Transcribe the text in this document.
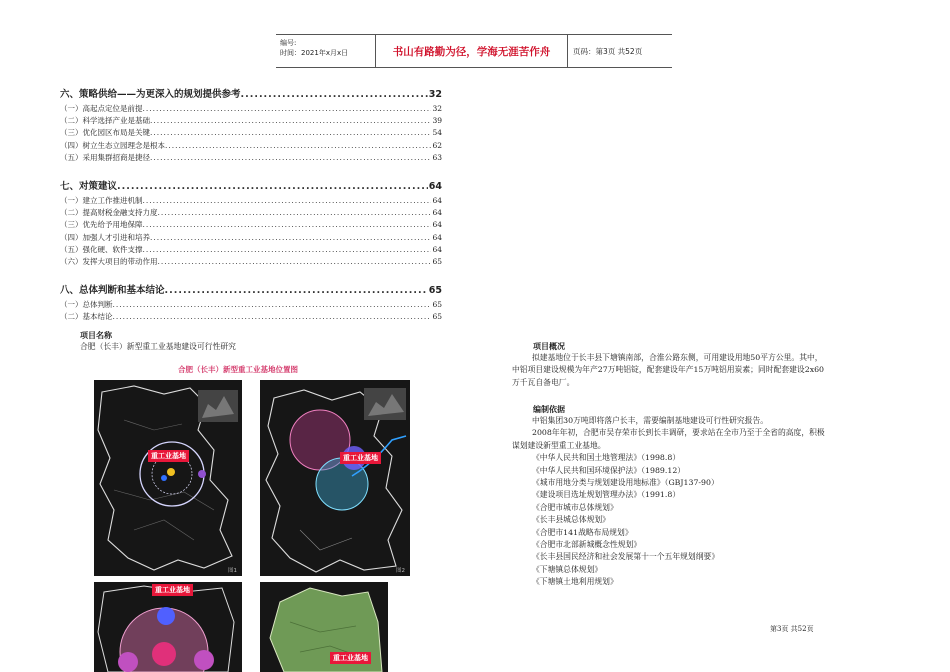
编号:
时间：2021年x月x日	书山有路勤为径，学海无涯苦作舟	页码：第3页 共52页
六、策略供给——为更深入的规划提供参考 .....	32
（一）高起点定位是前提 .....	32
（二）科学选择产业是基础 .....	39
（三）优化园区布局是关键 .....	54
（四）树立生态立园理念是根本 .....	62
（五）采用集群招商是捷径 .....	63
七、对策建议 .....	64
（一）建立工作推进机制 .....	64
（二）提高财税金融支持力度 .....	64
（三）优先给予用地保障 .....	64
（四）加强人才引进和培养 .....	64
（五）强化硬、软件支撑 .....	64
（六）发挥大项目的带动作用 .....	65
八、总体判断和基本结论 .....	65
（一）总体判断 .....	65
（二）基本结论 .....	65
项目名称

合肥（长丰）新型重工业基地建设可行性研究

合肥（长丰）新型重工业基地位置图
重工业基地
图1
重工业基地
图2
重工业基地
重工业基地
项目概况

拟建基地位于长丰县下塘镇南部，合淮公路东侧，可用建设用地50平方公里。其中，

中铝项目建设规模为年产27万吨铝锭，配套建设年产15万吨铝用炭素；同时配套建设2x60

万千瓦自备电厂。

编制依据

中铝集团30万吨即将落户长丰，需要编制基地建设可行性研究报告。

2008年年初，合肥市吴存荣市长到长丰调研，要求站在全市乃至于全省的高度，积极

谋划建设新型重工业基地。

《中华人民共和国土地管理法》（1998.8）

《中华人民共和国环境保护法》（1989.12）

《城市用地分类与规划建设用地标准》（GBJ137-90）

《建设项目选址规划管理办法》（1991.8）

《合肥市城市总体规划》

《长丰县城总体规划》

《合肥市141战略布局规划》

《合肥市北部新城概念性规划》

《长丰县国民经济和社会发展第十一个五年规划纲要》

《下塘镇总体规划》

《下塘镇土地利用规划》

第3页 共52页
